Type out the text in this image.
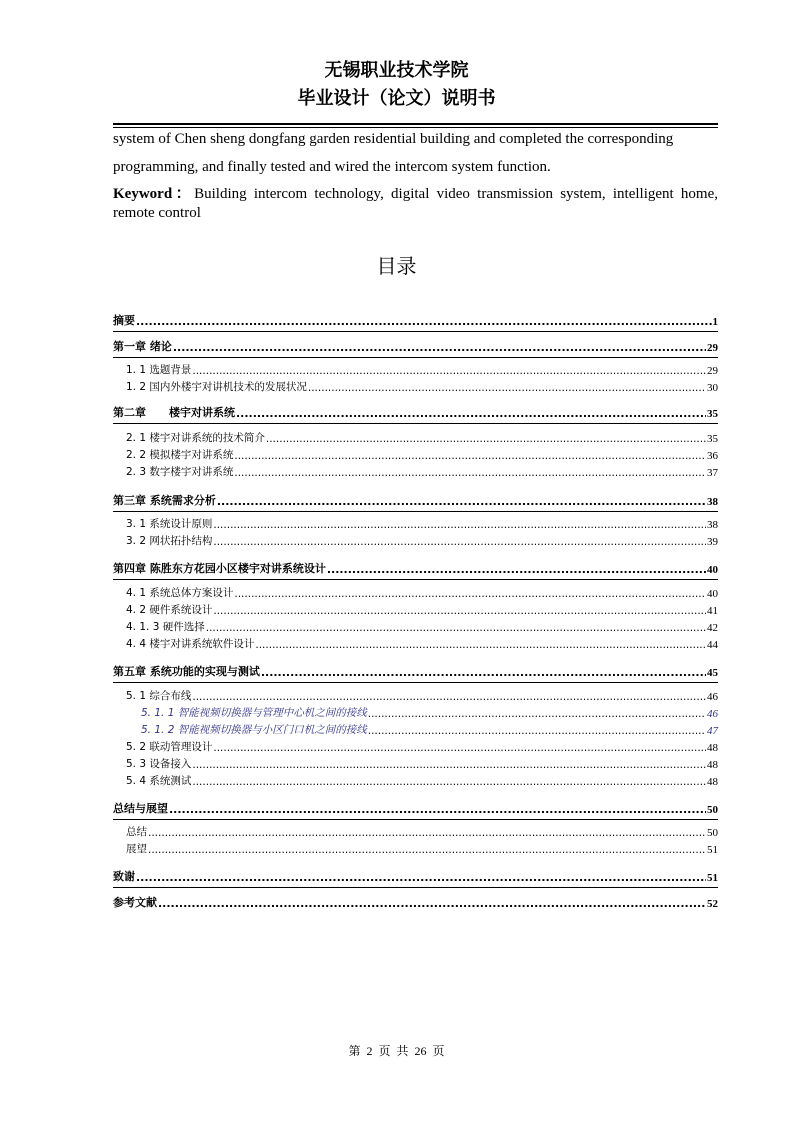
无锡职业技术学院
毕业设计（论文）说明书

system of Chen sheng dongfang garden residential building and completed the corresponding

programming, and finally tested and wired the intercom system function.

Keyword：Building intercom technology, digital video transmission system, intelligent home, remote control

目录
摘要 .....	1
第一章 绪论 .....	29
1. 1 选题背景 .....	29
1. 2 国内外楼宇对讲机技术的发展状况 .....	30
第二章      楼宇对讲系统 .....	35
2. 1 楼宇对讲系统的技术简介 .....	35
2. 2 模拟楼宇对讲系统 .....	36
2. 3 数字楼宇对讲系统 .....	37
第三章 系统需求分析 .....	38
3. 1 系统设计原则 .....	38
3. 2 网状拓扑结构 .....	39
第四章 陈胜东方花园小区楼宇对讲系统设计 .....	40
4. 1 系统总体方案设计 .....	40
4. 2 硬件系统设计 .....	41
4. 1. 3 硬件选择 .....	42
4. 4 楼宇对讲系统软件设计 .....	44
第五章 系统功能的实现与测试 .....	45
5. 1 综合布线 .....	46
5. 1. 1 智能视频切换器与管理中心机之间的接线 .....	46
5. 1. 2 智能视频切换器与小区门口机之间的接线 .....	47
5. 2 联动管理设计 .....	48
5. 3 设备接入 .....	48
5. 4 系统测试 .....	48
总结与展望 .....	50
总结 .....	50
展望 .....	51
致谢 .....	51
参考文献 .....	52
第 2 页 共 26 页
